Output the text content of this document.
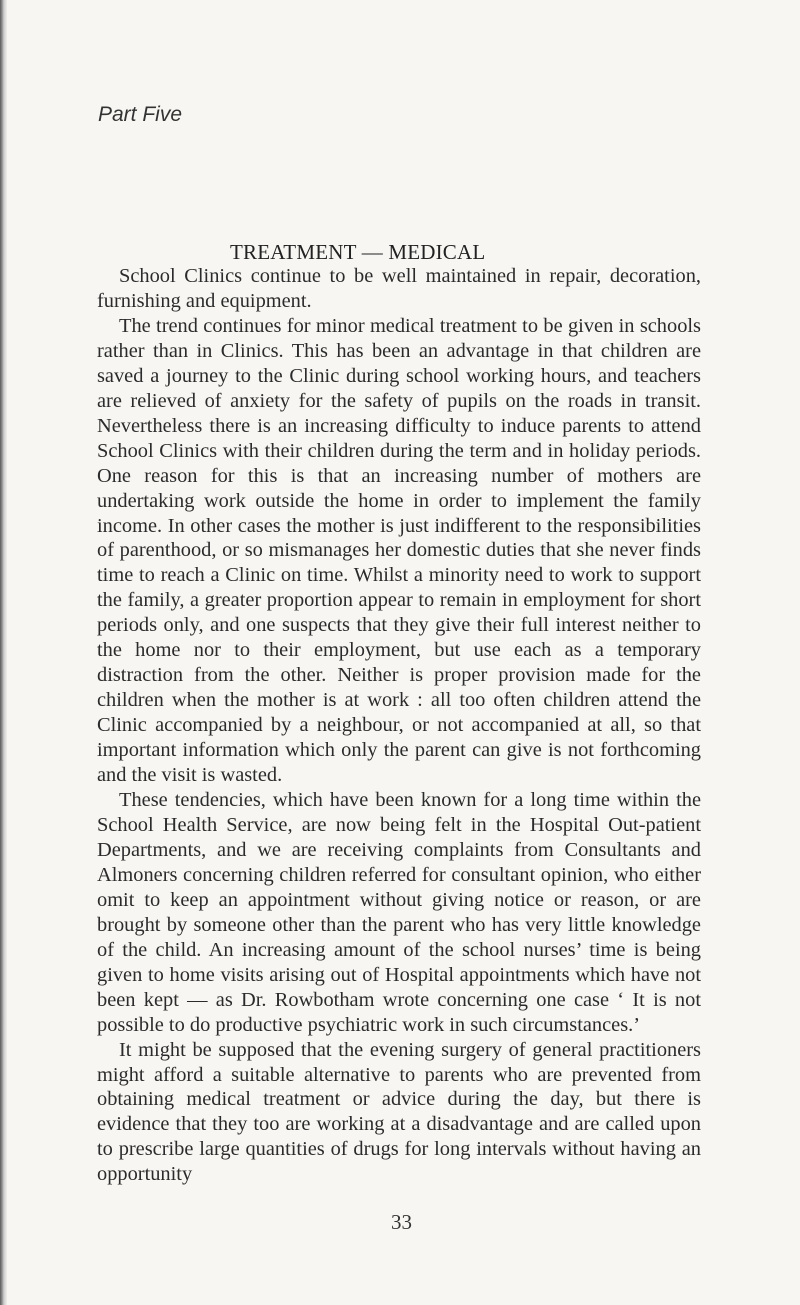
Part Five
TREATMENT — MEDICAL

School Clinics continue to be well maintained in repair, decoration, furnishing and equipment.

The trend continues for minor medical treatment to be given in schools rather than in Clinics. This has been an advantage in that children are saved a journey to the Clinic during school working hours, and teachers are relieved of anxiety for the safety of pupils on the roads in transit. Nevertheless there is an increasing difficulty to induce parents to attend School Clinics with their children during the term and in holiday periods. One reason for this is that an increasing number of mothers are undertaking work outside the home in order to implement the family income. In other cases the mother is just indifferent to the responsibilities of parenthood, or so mismanages her domestic duties that she never finds time to reach a Clinic on time. Whilst a minority need to work to support the family, a greater proportion appear to remain in employment for short periods only, and one suspects that they give their full interest neither to the home nor to their employment, but use each as a temporary distraction from the other. Neither is proper provision made for the children when the mother is at work : all too often children attend the Clinic accompanied by a neighbour, or not accompanied at all, so that important information which only the parent can give is not forthcoming and the visit is wasted.

These tendencies, which have been known for a long time within the School Health Service, are now being felt in the Hospital Out-patient Departments, and we are receiving complaints from Consultants and Almoners concerning children referred for consultant opinion, who either omit to keep an appointment without giving notice or reason, or are brought by someone other than the parent who has very little knowledge of the child. An increasing amount of the school nurses’ time is being given to home visits arising out of Hospital appointments which have not been kept — as Dr. Rowbotham wrote concerning one case ‘ It is not possible to do productive psychiatric work in such circumstances.’

It might be supposed that the evening surgery of general practitioners might afford a suitable alternative to parents who are prevented from obtaining medical treatment or advice during the day, but there is evidence that they too are working at a disadvantage and are called upon to prescribe large quantities of drugs for long intervals without having an opportunity

33
